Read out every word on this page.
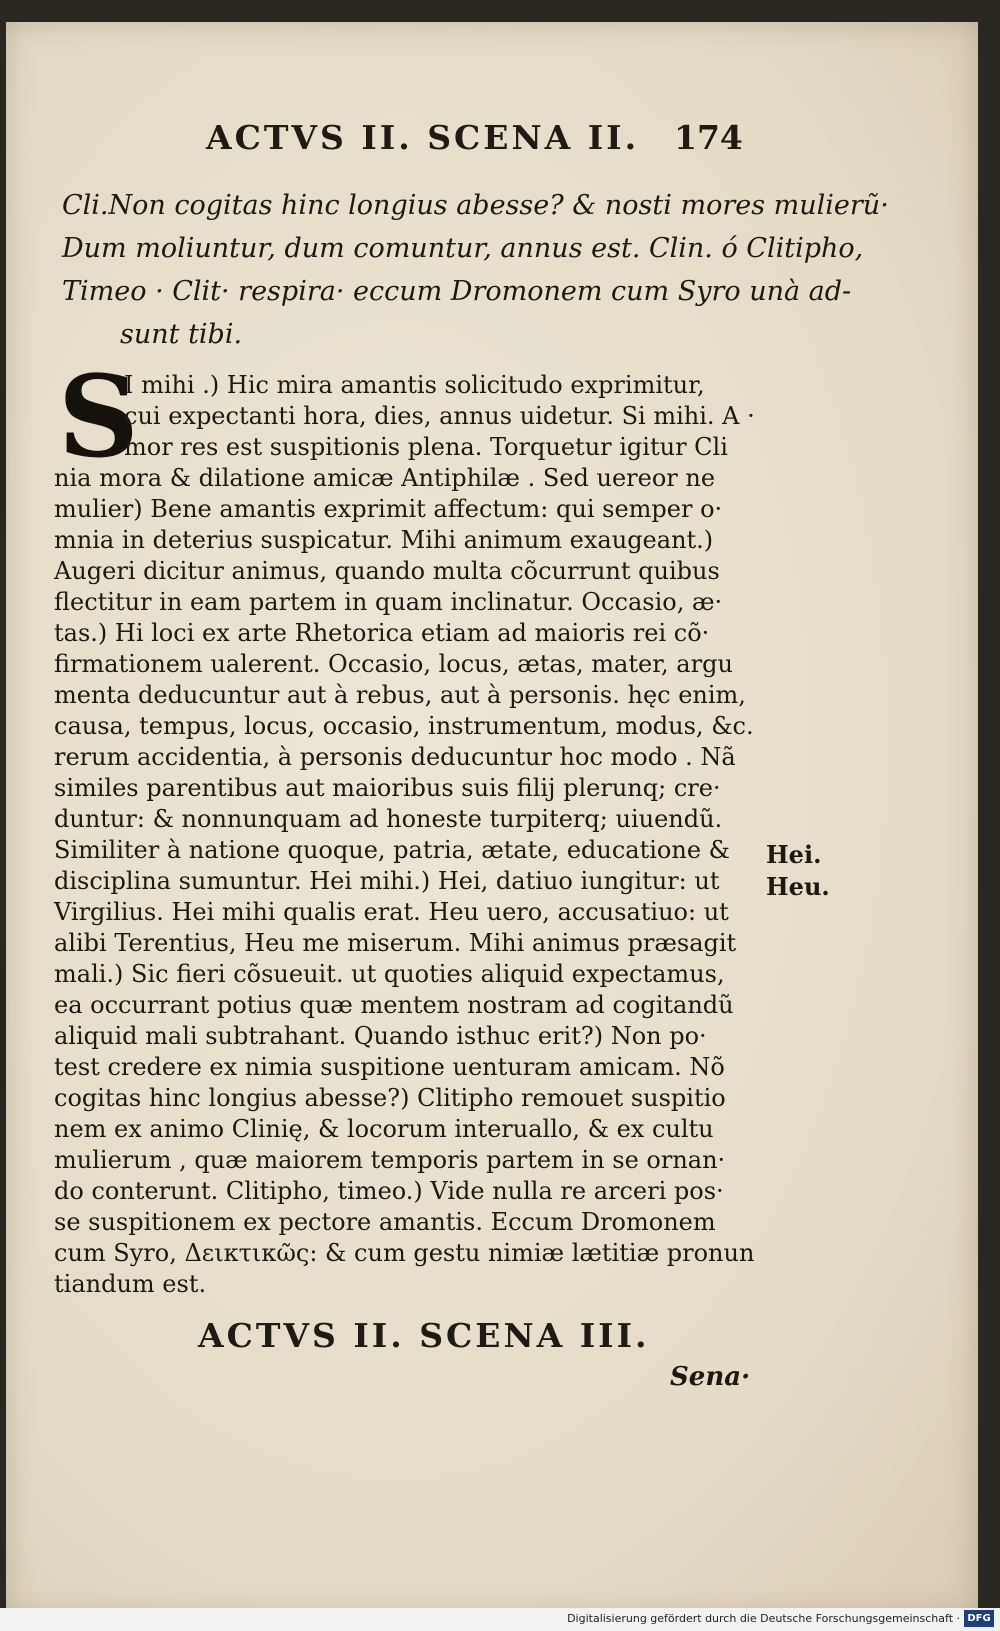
ACTVS II. SCENA II. 174
Cli.Non cogitas hinc longius abesse? & nosti mores mulierũ·
Dum moliuntur, dum comuntur, annus est. Clin. ó Clitipho,
Timeo · Clit· respira· eccum Dromonem cum Syro unà ad-
sunt tibi.
S
I mihi .) Hic mira amantis solicitudo exprimitur,
cui expectanti hora, dies, annus uidetur. Si mihi. A ·
mor res est suspitionis plena. Torquetur igitur Cli
nia mora & dilatione amicæ Antiphilæ . Sed uereor ne
mulier) Bene amantis exprimit affectum: qui semper o·
mnia in deterius suspicatur. Mihi animum exaugeant.)
Augeri dicitur animus, quando multa cõcurrunt quibus
flectitur in eam partem in quam inclinatur. Occasio, æ·
tas.) Hi loci ex arte Rhetorica etiam ad maioris rei cõ·
firmationem ualerent. Occasio, locus, ætas, mater, argu
menta deducuntur aut à rebus, aut à personis. hęc enim,
causa, tempus, locus, occasio, instrumentum, modus, &c.
rerum accidentia, à personis deducuntur hoc modo . Nã
similes parentibus aut maioribus suis filij plerunq; cre·
duntur: & nonnunquam ad honeste turpiterq; uiuendũ.
Similiter à natione quoque, patria, ætate, educatione &
disciplina sumuntur. Hei mihi.) Hei, datiuo iungitur: ut
Virgilius. Hei mihi qualis erat. Heu uero, accusatiuo: ut
alibi Terentius, Heu me miserum. Mihi animus præsagit
mali.) Sic fieri cõsueuit. ut quoties aliquid expectamus,
ea occurrant potius quæ mentem nostram ad cogitandũ
aliquid mali subtrahant. Quando isthuc erit?) Non po·
test credere ex nimia suspitione uenturam amicam. Nõ
cogitas hinc longius abesse?) Clitipho remouet suspitio
nem ex animo Clinię, & locorum interuallo, & ex cultu
mulierum , quæ maiorem temporis partem in se ornan·
do conterunt. Clitipho, timeo.) Vide nulla re arceri pos·
se suspitionem ex pectore amantis. Eccum Dromonem
cum Syro, Δεικτικῶς: & cum gestu nimiæ lætitiæ pronun
tiandum est.
Hei.
Heu.
ACTVS II. SCENA III.
Sena·
Digitalisierung gefördert durch die Deutsche Forschungsgemeinschaft · DFG
